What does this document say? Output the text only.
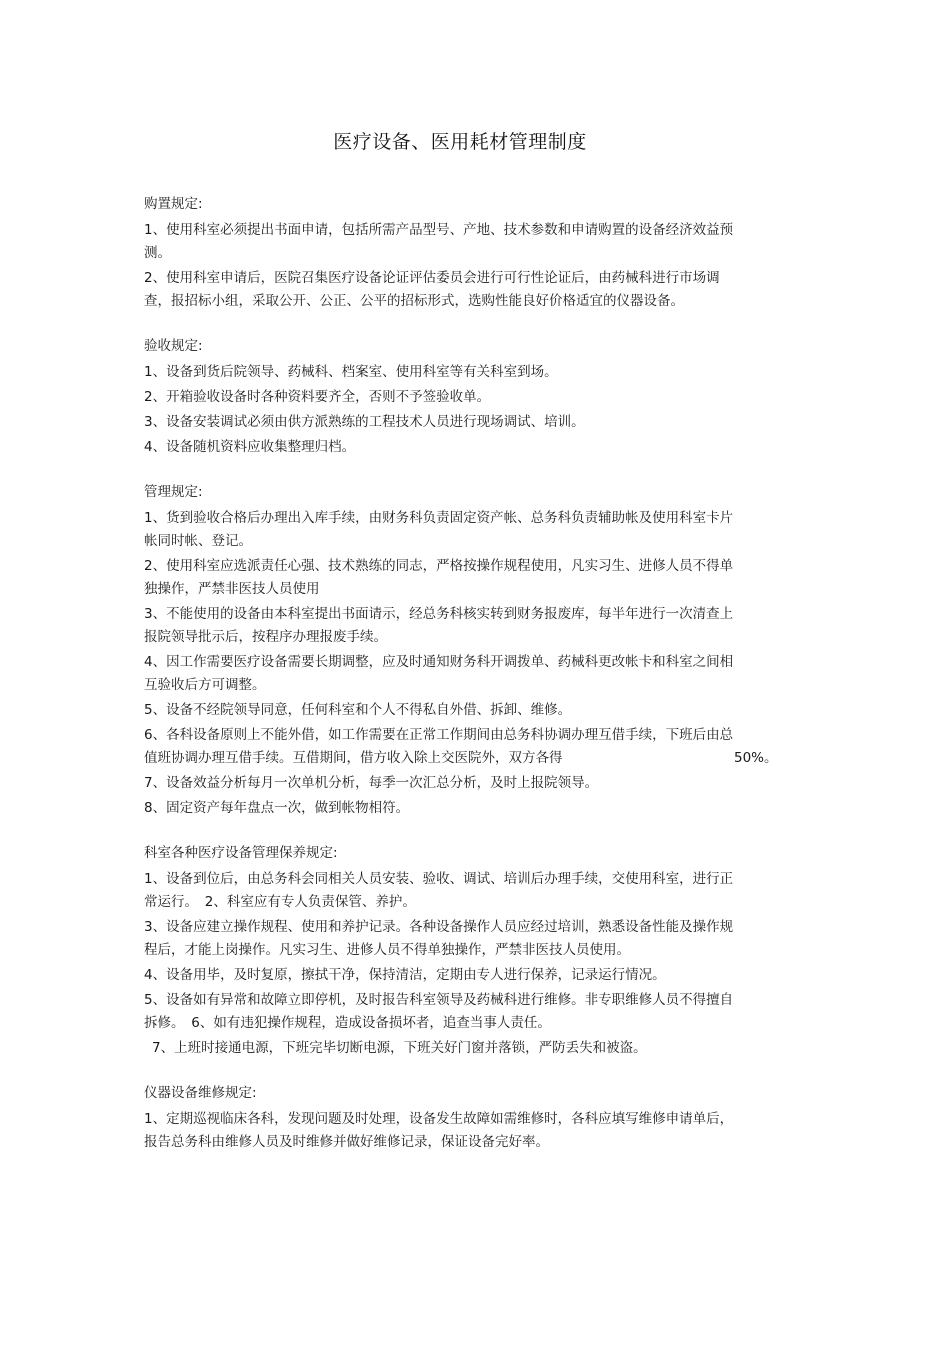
医疗设备、医用耗材管理制度

购置规定:

1、使用科室必须提出书面申请，包括所需产品型号、产地、技术参数和申请购置的设备经济效益预测。

2、使用科室申请后，医院召集医疗设备论证评估委员会进行可行性论证后，由药械科进行市场调查，报招标小组，采取公开、公正、公平的招标形式，选购性能良好价格适宜的仪器设备。

验收规定:

1、设备到货后院领导、药械科、档案室、使用科室等有关科室到场。

2、开箱验收设备时各种资料要齐全，否则不予签验收单。

3、设备安装调试必须由供方派熟练的工程技术人员进行现场调试、培训。

4、设备随机资料应收集整理归档。

管理规定:

1、货到验收合格后办理出入库手续，由财务科负责固定资产帐、总务科负责辅助帐及使用科室卡片帐同时帐、登记。

2、使用科室应选派责任心强、技术熟练的同志，严格按操作规程使用，凡实习生、进修人员不得单独操作，严禁非医技人员使用

3、不能使用的设备由本科室提出书面请示，经总务科核实转到财务报废库，每半年进行一次清查上报院领导批示后，按程序办理报废手续。

4、因工作需要医疗设备需要长期调整，应及时通知财务科开调拨单、药械科更改帐卡和科室之间相互验收后方可调整。

5、设备不经院领导同意，任何科室和个人不得私自外借、拆卸、维修。

6、各科设备原则上不能外借，如工作需要在正常工作期间由总务科协调办理互借手续，下班后由总值班协调办理互借手续。互借期间，借方收入除上交医院外，双方各得	50%。

7、设备效益分析每月一次单机分析，每季一次汇总分析，及时上报院领导。

8、固定资产每年盘点一次，做到帐物相符。

科室各种医疗设备管理保养规定:

1、设备到位后，由总务科会同相关人员安装、验收、调试、培训后办理手续，交使用科室，进行正常运行。　2、科室应有专人负责保管、养护。

3、设备应建立操作规程、使用和养护记录。各种设备操作人员应经过培训，熟悉设备性能及操作规程后，才能上岗操作。凡实习生、进修人员不得单独操作，严禁非医技人员使用。

4、设备用毕，及时复原，擦拭干净，保持清洁，定期由专人进行保养，记录运行情况。

5、设备如有异常和故障立即停机，及时报告科室领导及药械科进行维修。非专职维修人员不得擅自拆修。　6、如有违犯操作规程，造成设备损坏者，追查当事人责任。

7、上班时接通电源，下班完毕切断电源，下班关好门窗并落锁，严防丢失和被盗。

仪器设备维修规定:

1、定期巡视临床各科，发现问题及时处理，设备发生故障如需维修时，各科应填写维修申请单后，报告总务科由维修人员及时维修并做好维修记录，保证设备完好率。
